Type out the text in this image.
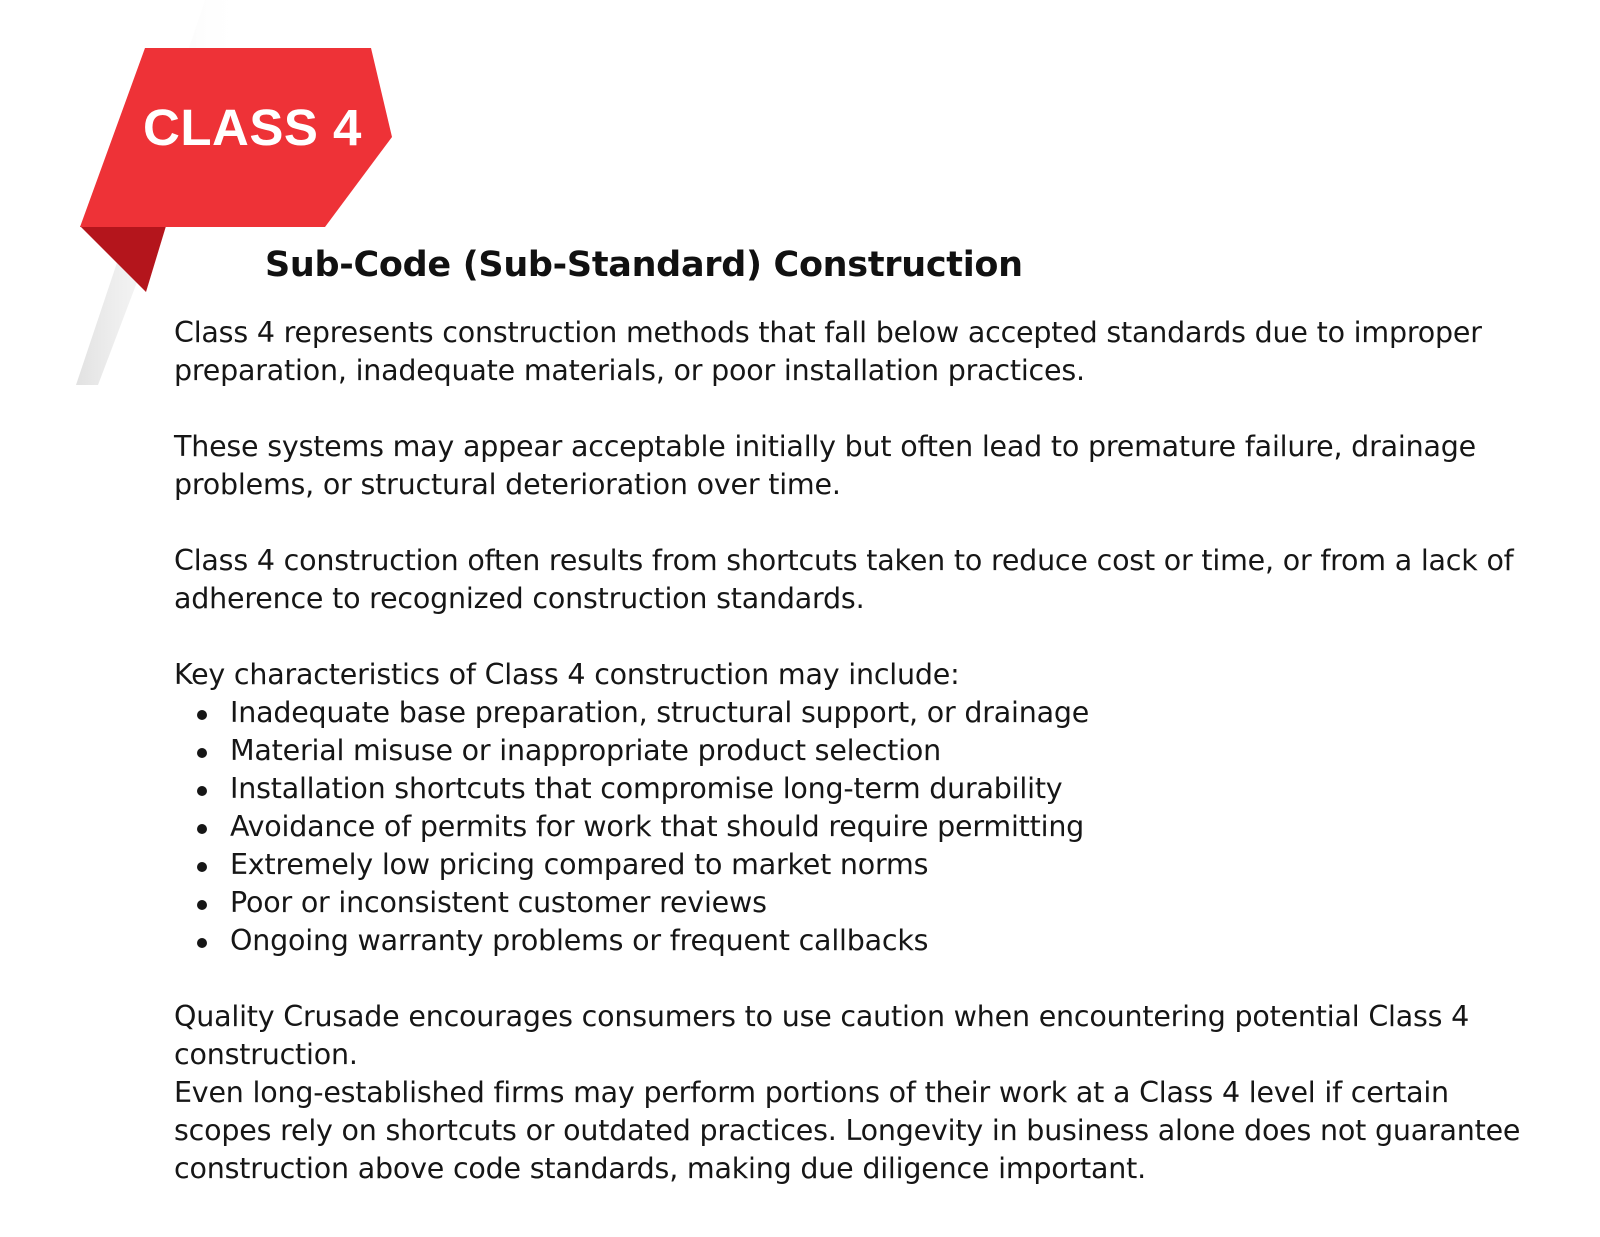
CLASS 4
Sub-Code (Sub-Standard) Construction

Class 4 represents construction methods that fall below accepted standards due to improper preparation, inadequate materials, or poor installation practices.

These systems may appear acceptable initially but often lead to premature failure, drainage problems, or structural deterioration over time.

Class 4 construction often results from shortcuts taken to reduce cost or time, or from a lack of adherence to recognized construction standards.

Key characteristics of Class 4 construction may include:

Inadequate base preparation, structural support, or drainage
Material misuse or inappropriate product selection
Installation shortcuts that compromise long-term durability
Avoidance of permits for work that should require permitting
Extremely low pricing compared to market norms
Poor or inconsistent customer reviews
Ongoing warranty problems or frequent callbacks

Quality Crusade encourages consumers to use caution when encountering potential Class 4 construction.

Even long-established firms may perform portions of their work at a Class 4 level if certain scopes rely on shortcuts or outdated practices. Longevity in business alone does not guarantee construction above code standards, making due diligence important.
